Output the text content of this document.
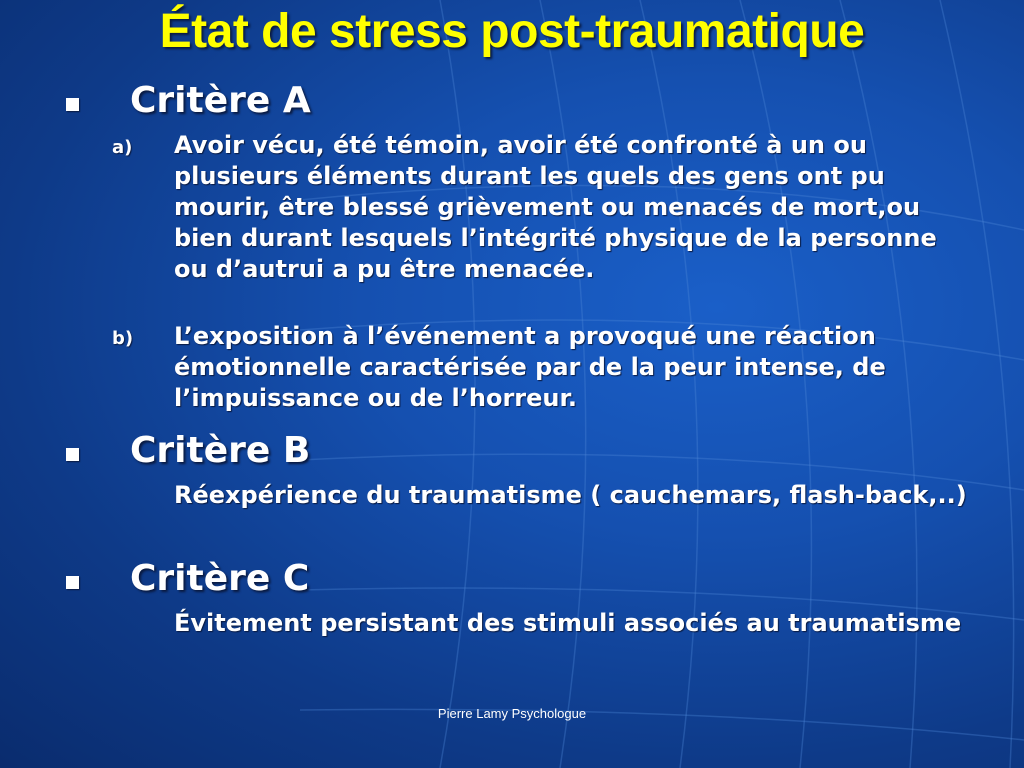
État de stress post-traumatique
Critère A
a) Avoir vécu, été témoin, avoir été confronté à un ou plusieurs éléments durant les quels des gens ont pu mourir, être blessé grièvement ou menacés de mort,ou bien durant lesquels l’intégrité physique de la personne ou d’autrui a pu être menacée.
b) L’exposition à l’événement a provoqué une réaction émotionnelle caractérisée par de la peur intense, de l’impuissance ou de l’horreur.
Critère B
Réexpérience du traumatisme ( cauchemars, flash-back,..)
Critère C
Évitement persistant des stimuli associés au traumatisme
Pierre Lamy Psychologue
